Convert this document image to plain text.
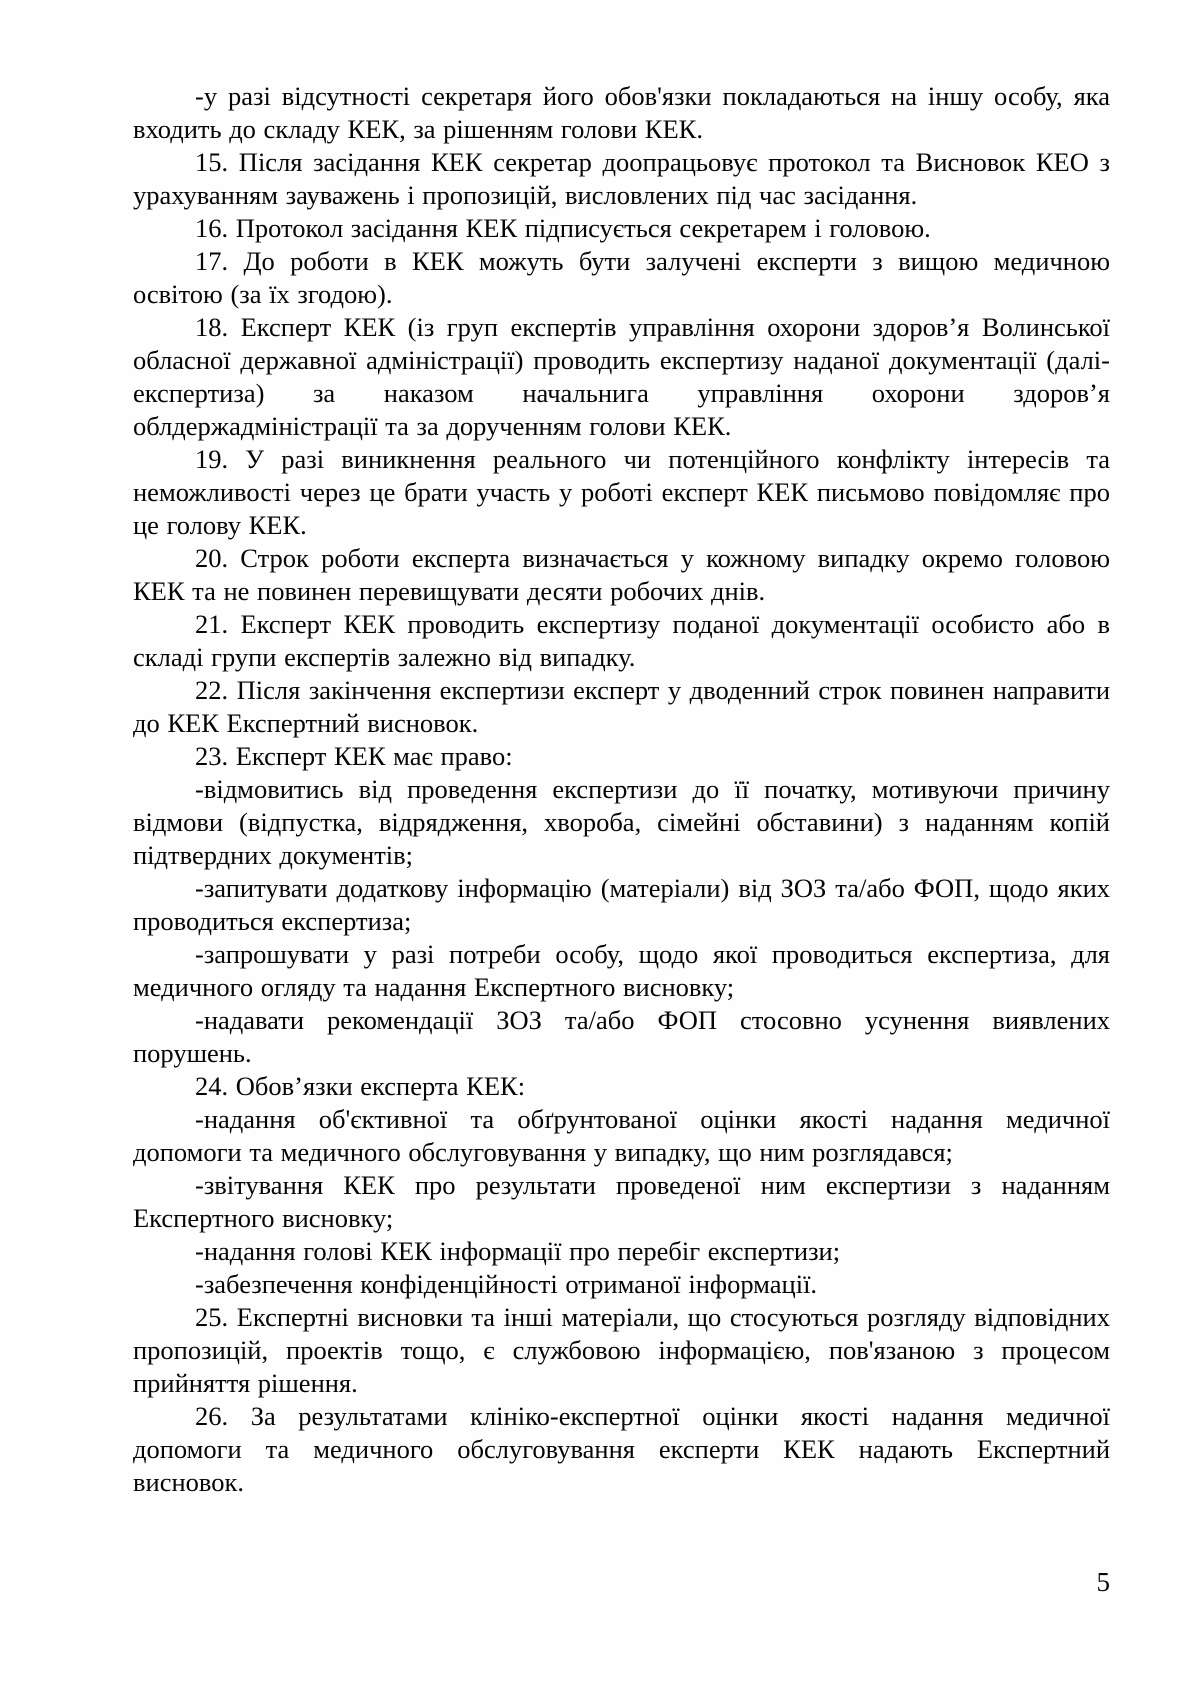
-у разі відсутності секретаря його обов'язки покладаються на іншу особу, яка входить до складу КЕК, за рішенням голови КЕК.

15. Після засідання КЕК секретар доопрацьовує протокол та Висновок КЕО з урахуванням зауважень і пропозицій, висловлених під час засідання.

16. Протокол засідання КЕК підписується секретарем і головою.

17. До роботи в КЕК можуть бути залучені експерти з вищою медичною освітою (за їх згодою).

18. Експерт КЕК (із груп експертів управління охорони здоров’я Волинської обласної державної адміністрації) проводить експертизу наданої документації (далі-експертиза) за наказом начальнига управління охорони здоров’я облдержадміністрації та за дорученням голови КЕК.

19. У разі виникнення реального чи потенційного конфлікту інтересів та неможливості через це брати участь у роботі експерт КЕК письмово повідомляє про це голову КЕК.

20. Строк роботи експерта визначається у кожному випадку окремо головою КЕК та не повинен перевищувати десяти робочих днів.

21. Експерт КЕК проводить експертизу поданої документації особисто або в складі групи експертів залежно від випадку.

22. Після закінчення експертизи експерт у дводенний строк повинен направити до КЕК Експертний висновок.

23. Експерт КЕК має право:

-відмовитись від проведення експертизи до її початку, мотивуючи причину відмови (відпустка, відрядження, хвороба, сімейні обставини) з наданням копій підтвердних документів;

-запитувати додаткову інформацію (матеріали) від ЗОЗ та/або ФОП, щодо яких проводиться експертиза;

-запрошувати у разі потреби особу, щодо якої проводиться експертиза, для медичного огляду та надання Експертного висновку;

-надавати рекомендації ЗОЗ та/або ФОП стосовно усунення виявлених порушень.

24. Обов’язки експерта КЕК:

-надання об'єктивної та обґрунтованої оцінки якості надання медичної допомоги та медичного обслуговування у випадку, що ним розглядався;

-звітування КЕК про результати проведеної ним експертизи з наданням Експертного висновку;

-надання голові КЕК інформації про перебіг експертизи;

-забезпечення конфіденційності отриманої інформації.

25. Експертні висновки та інші матеріали, що стосуються розгляду відповідних пропозицій, проектів тощо, є службовою інформацією, пов'язаною з процесом прийняття рішення.

26. За результатами клініко-експертної оцінки якості надання медичної допомоги та медичного обслуговування експерти КЕК надають Експертний висновок.

5
